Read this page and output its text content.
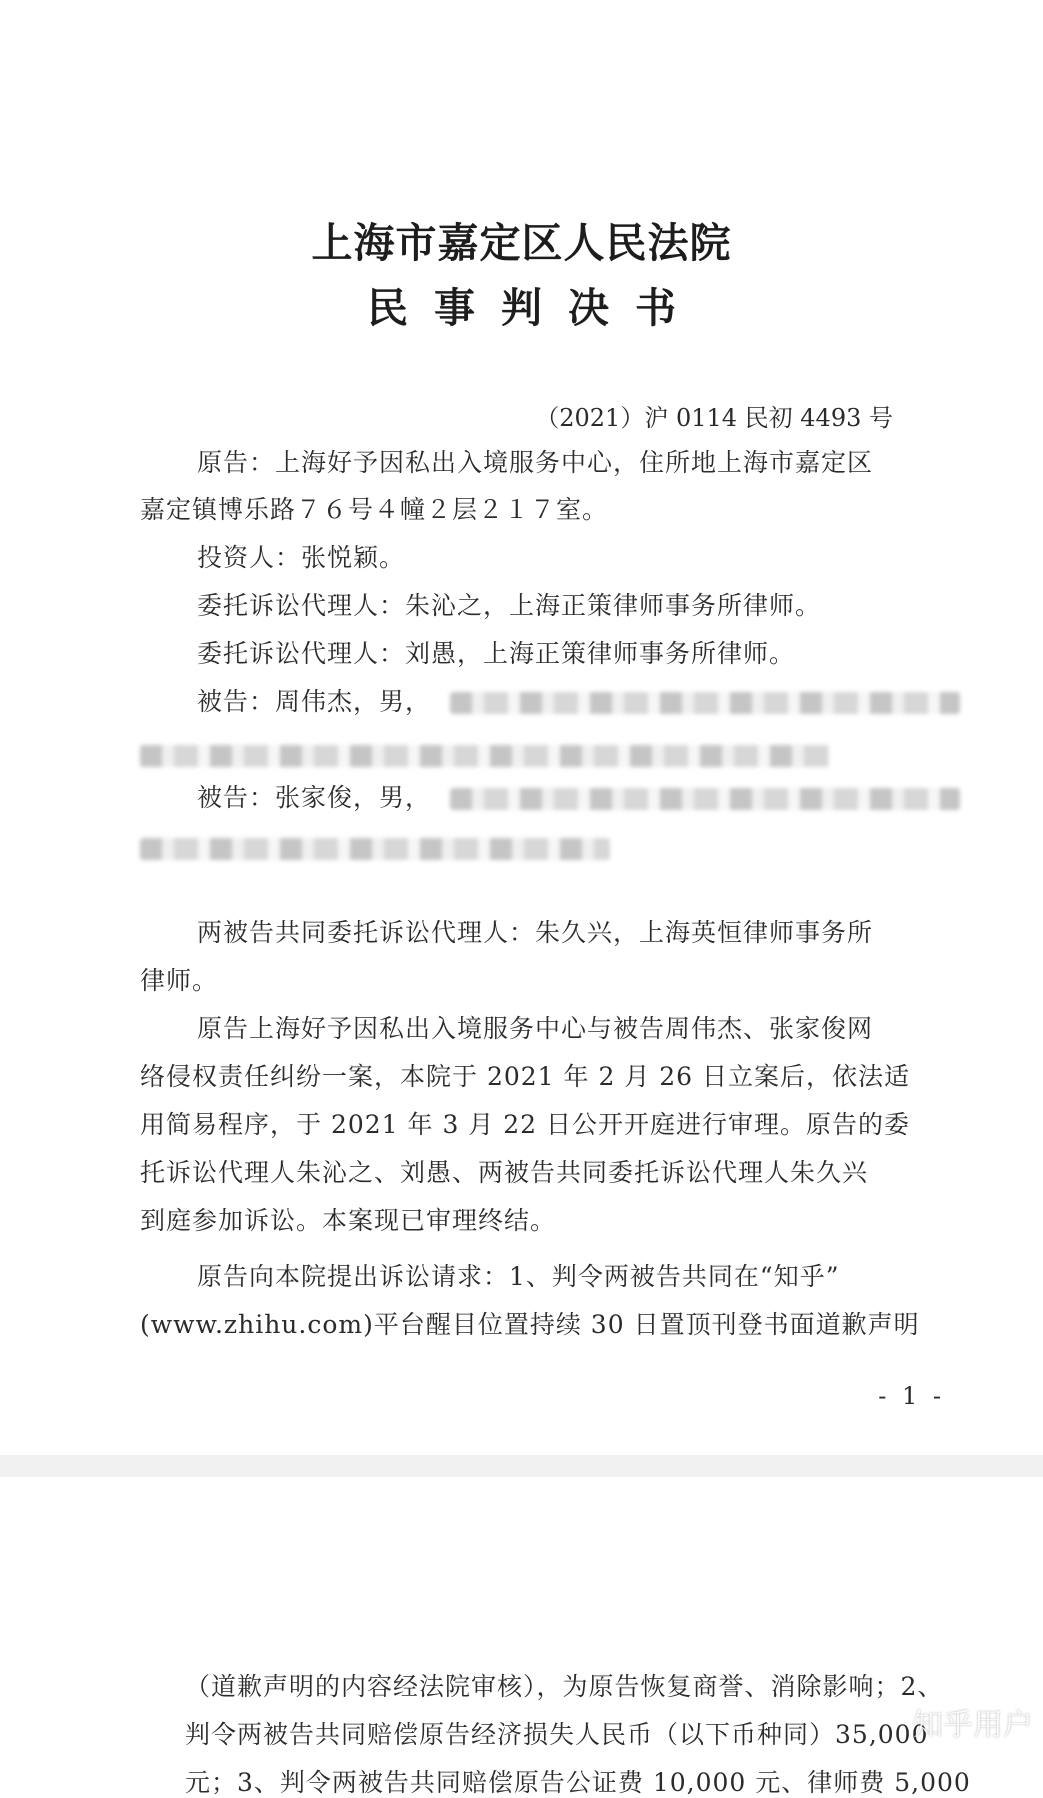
上海市嘉定区人民法院
民事判决书
（2021）沪 0114 民初 4493 号
原告：上海好予因私出入境服务中心，住所地上海市嘉定区
嘉定镇博乐路７６号４幢２层２１７室。
投资人：张悦颖。
委托诉讼代理人：朱沁之，上海正策律师事务所律师。
委托诉讼代理人：刘愚，上海正策律师事务所律师。
被告：周伟杰，男，
被告：张家俊，男，
两被告共同委托诉讼代理人：朱久兴，上海英恒律师事务所
律师。
原告上海好予因私出入境服务中心与被告周伟杰、张家俊网
络侵权责任纠纷一案，本院于 2021 年 2 月 26 日立案后，依法适
用简易程序，于 2021 年 3 月 22 日公开开庭进行审理。原告的委
托诉讼代理人朱沁之、刘愚、两被告共同委托诉讼代理人朱久兴
到庭参加诉讼。本案现已审理终结。
原告向本院提出诉讼请求：1、判令两被告共同在“知乎”
(www.zhihu.com)平台醒目位置持续 30 日置顶刊登书面道歉声明
- 1 -
（道歉声明的内容经法院审核），为原告恢复商誉、消除影响；2、
判令两被告共同赔偿原告经济损失人民币（以下币种同）35,000
元；3、判令两被告共同赔偿原告公证费 10,000 元、律师费 5,000
知乎用户
